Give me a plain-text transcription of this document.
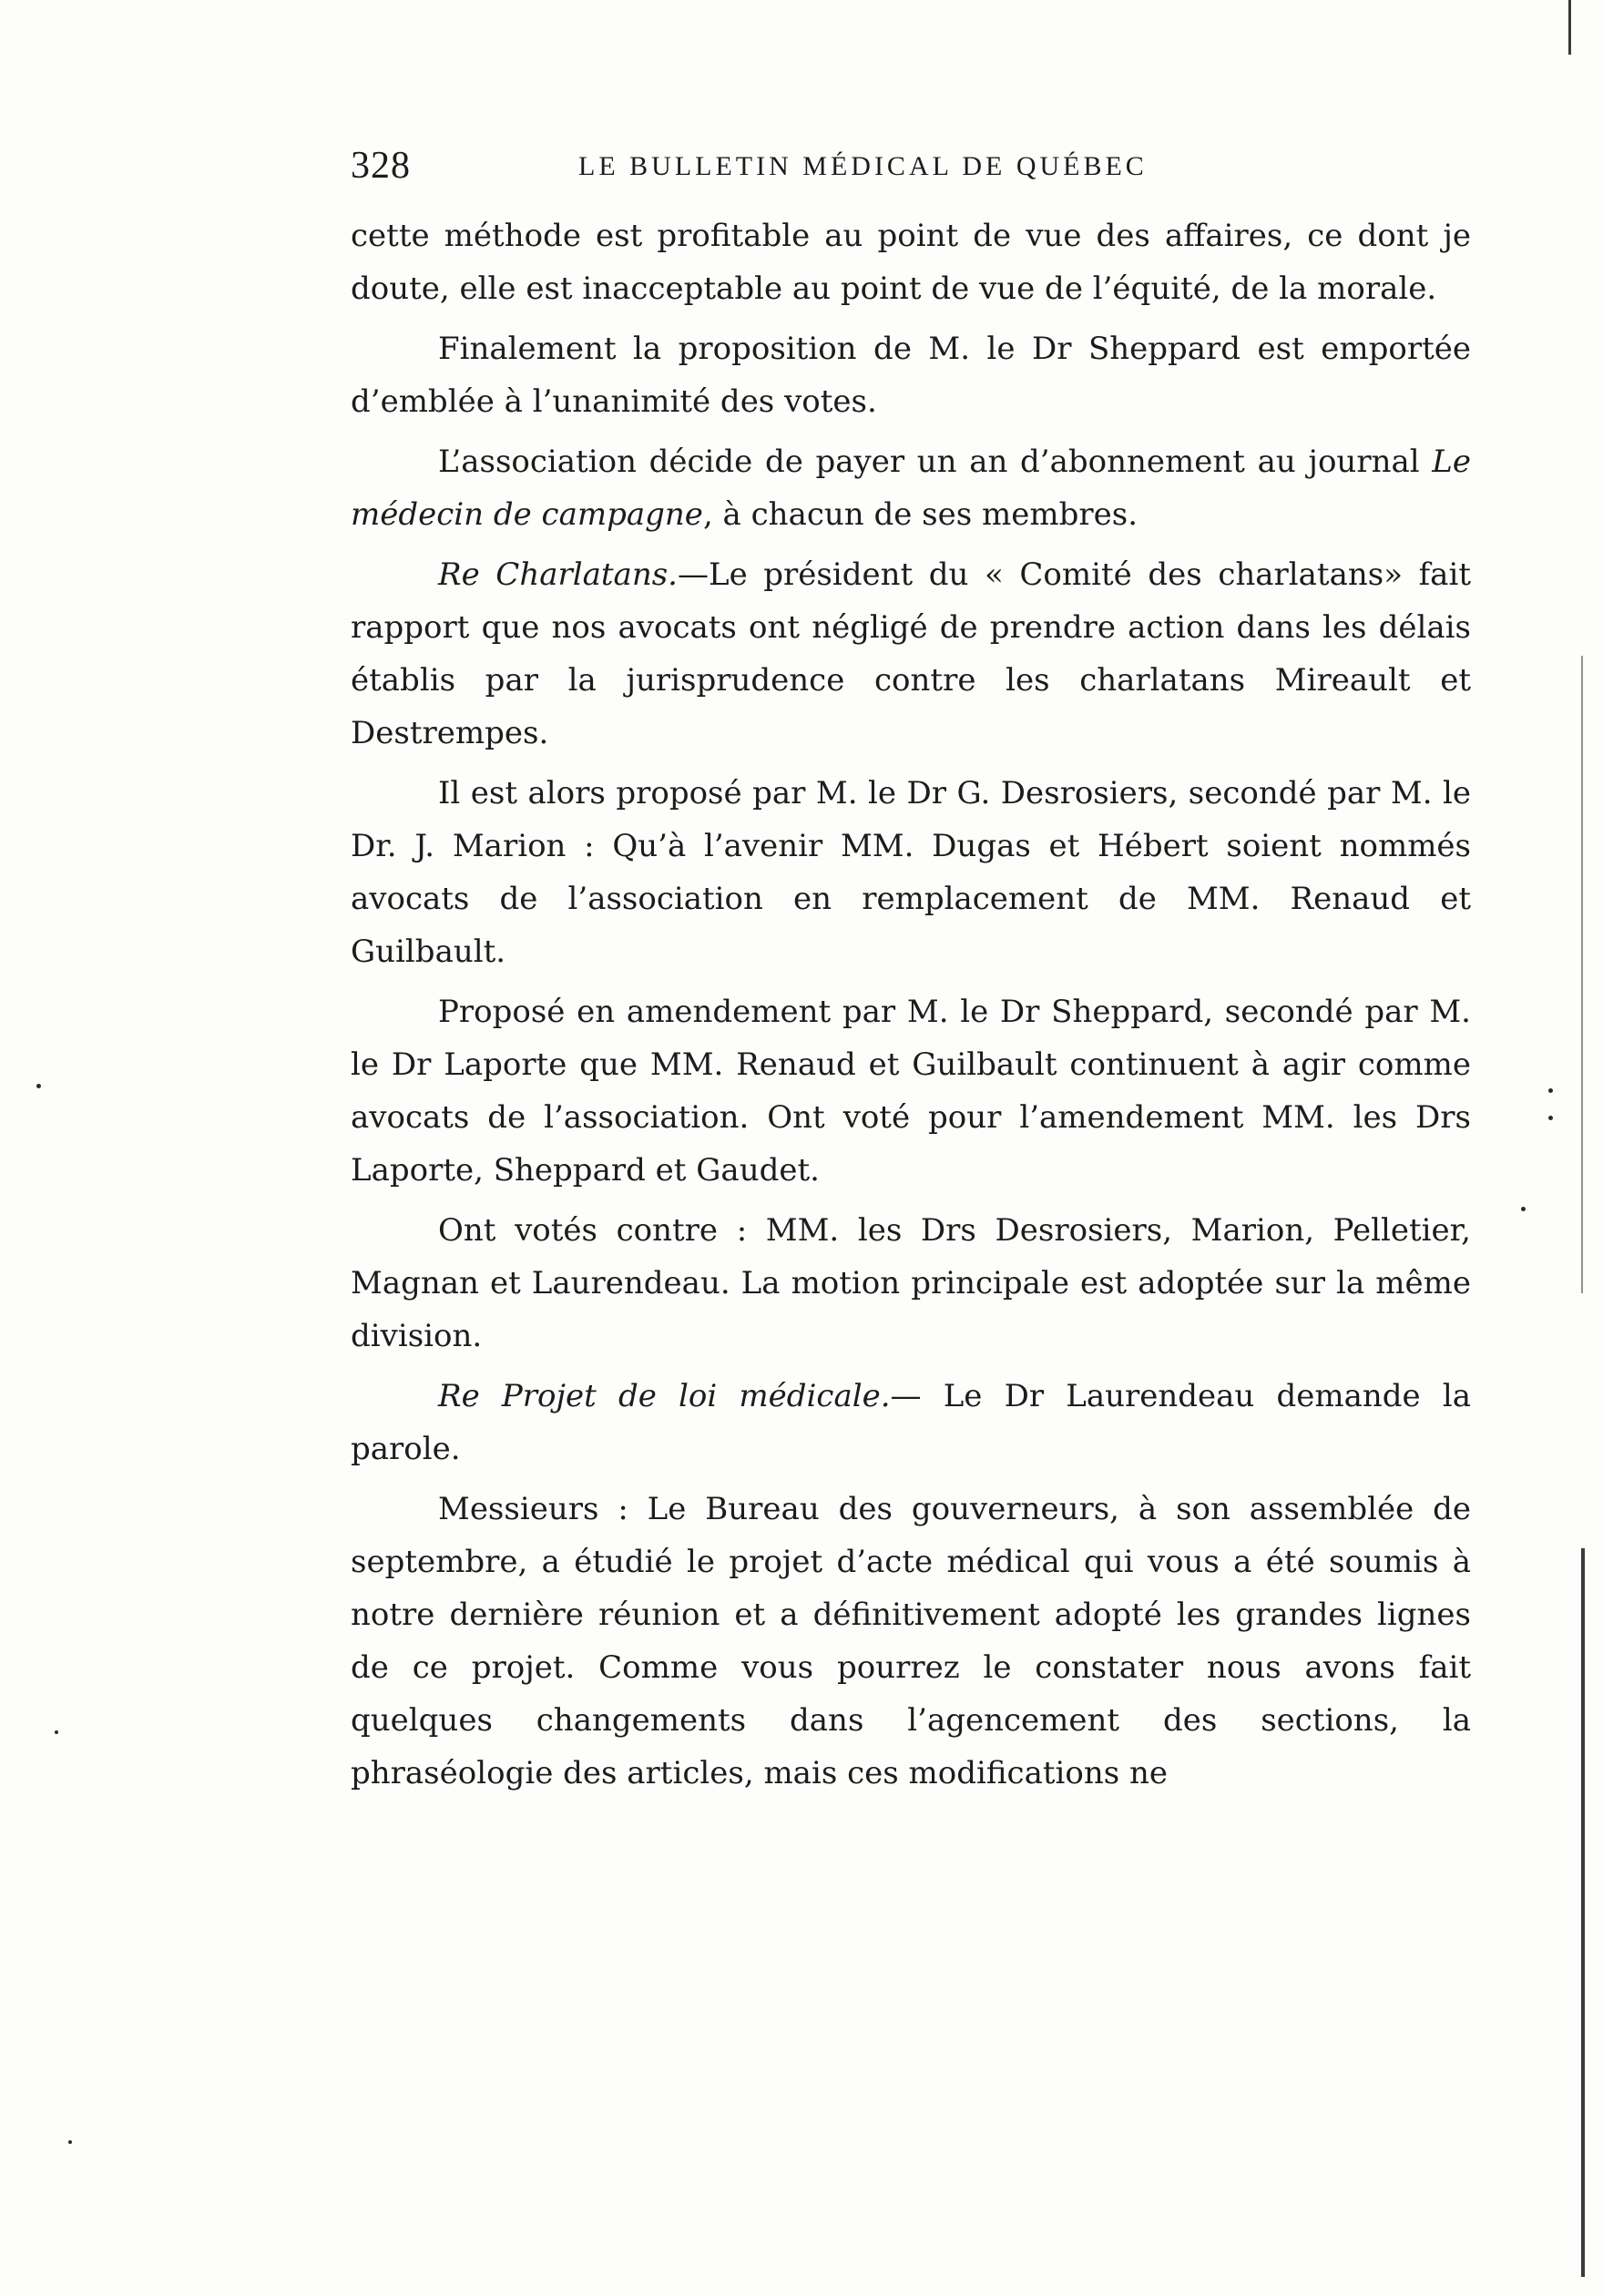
328	LE BULLETIN MÉDICAL DE QUÉBEC

cette méthode est profitable au point de vue des affaires, ce dont je doute, elle est inacceptable au point de vue de l’équité, de la morale.

Finalement la proposition de M. le Dr Sheppard est emportée d’emblée à l’unanimité des votes.

L’association décide de payer un an d’abonnement au journal Le médecin de campagne, à chacun de ses membres.

Re Charlatans.—Le président du « Comité des charlatans» fait rapport que nos avocats ont négligé de prendre action dans les délais établis par la jurisprudence contre les charlatans Mireault et Destrempes.

Il est alors proposé par M. le Dr G. Desrosiers, secondé par M. le Dr. J. Marion : Qu’à l’avenir MM. Dugas et Hébert soient nommés avocats de l’association en remplacement de MM. Renaud et Guilbault.

Proposé en amendement par M. le Dr Sheppard, secondé par M. le Dr Laporte que MM. Renaud et Guilbault continuent à agir comme avocats de l’association. Ont voté pour l’amendement MM. les Drs Laporte, Sheppard et Gaudet.

Ont votés contre : MM. les Drs Desrosiers, Marion, Pelletier, Magnan et Laurendeau. La motion principale est adoptée sur la même division.

Re Projet de loi médicale.— Le Dr Laurendeau demande la parole.

Messieurs : Le Bureau des gouverneurs, à son assemblée de septembre, a étudié le projet d’acte médical qui vous a été soumis à notre dernière réunion et a définitivement adopté les grandes lignes de ce projet. Comme vous pourrez le constater nous avons fait quelques changements dans l’agencement des sections, la phraséologie des articles, mais ces modifications ne
